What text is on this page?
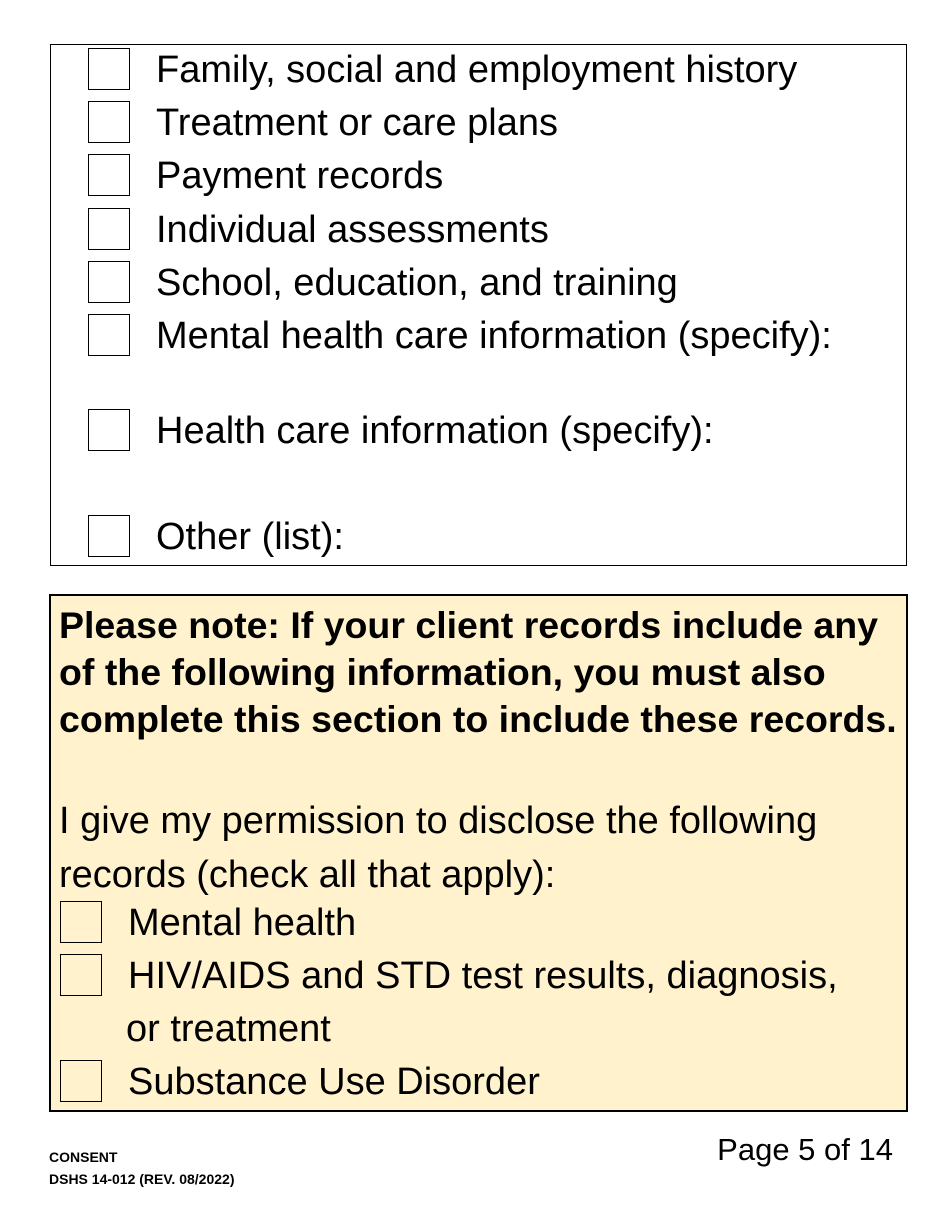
Family, social and employment history
Treatment or care plans
Payment records
Individual assessments
School, education, and training
Mental health care information (specify):
Health care information (specify):
Other (list):
Please note: If your client records include any of the following information, you must also complete this section to include these records.
I give my permission to disclose the following records (check all that apply):
Mental health
HIV/AIDS and STD test results, diagnosis,
or treatment
Substance Use Disorder
CONSENT
DSHS 14-012 (REV. 08/2022)
Page 5 of 14
